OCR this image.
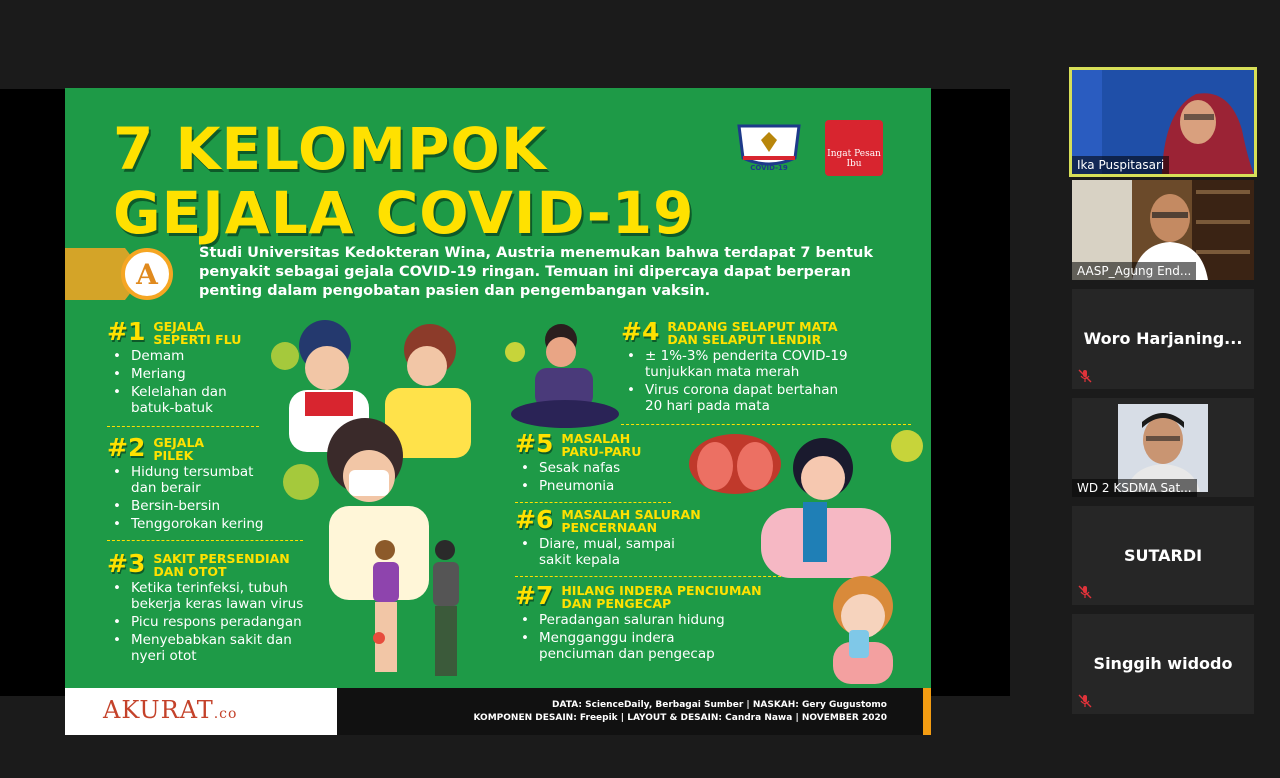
7 KELOMPOK
GEJALA COVID-19
COVID-19
Ingat Pesan Ibu
A
Studi Universitas Kedokteran Wina, Austria menemukan bahwa terdapat 7 bentuk penyakit sebagai gejala COVID-19 ringan. Temuan ini dipercaya dapat berperan penting dalam pengobatan pasien dan pengembangan vaksin.
#1 GEJALA
SEPERTI FLU
• Demam
• Meriang
• Kelelahan dan
batuk-batuk
#2 GEJALA
PILEK
• Hidung tersumbat
dan berair
• Bersin-bersin
• Tenggorokan kering
#3 SAKIT PERSENDIAN
DAN OTOT
• Ketika terinfeksi, tubuh
bekerja keras lawan virus
• Picu respons peradangan
• Menyebabkan sakit dan
nyeri otot
#4 RADANG SELAPUT MATA
DAN SELAPUT LENDIR
• ± 1%-3% penderita COVID-19
tunjukkan mata merah
• Virus corona dapat bertahan
20 hari pada mata
#5 MASALAH
PARU-PARU
• Sesak nafas
• Pneumonia
#6 MASALAH SALURAN
PENCERNAAN
• Diare, mual, sampai
sakit kepala
#7 HILANG INDERA PENCIUMAN
DAN PENGECAP
• Peradangan saluran hidung
• Mengganggu indera
penciuman dan pengecap
AKURAT.co
DATA: ScienceDaily, Berbagai Sumber | NASKAH: Gery Gugustomo
KOMPONEN DESAIN: Freepik | LAYOUT & DESAIN: Candra Nawa | NOVEMBER 2020
Ika Puspitasari
AASP_Agung End...
Woro Harjaning...
WD 2 KSDMA Sat...
SUTARDI
Singgih widodo
